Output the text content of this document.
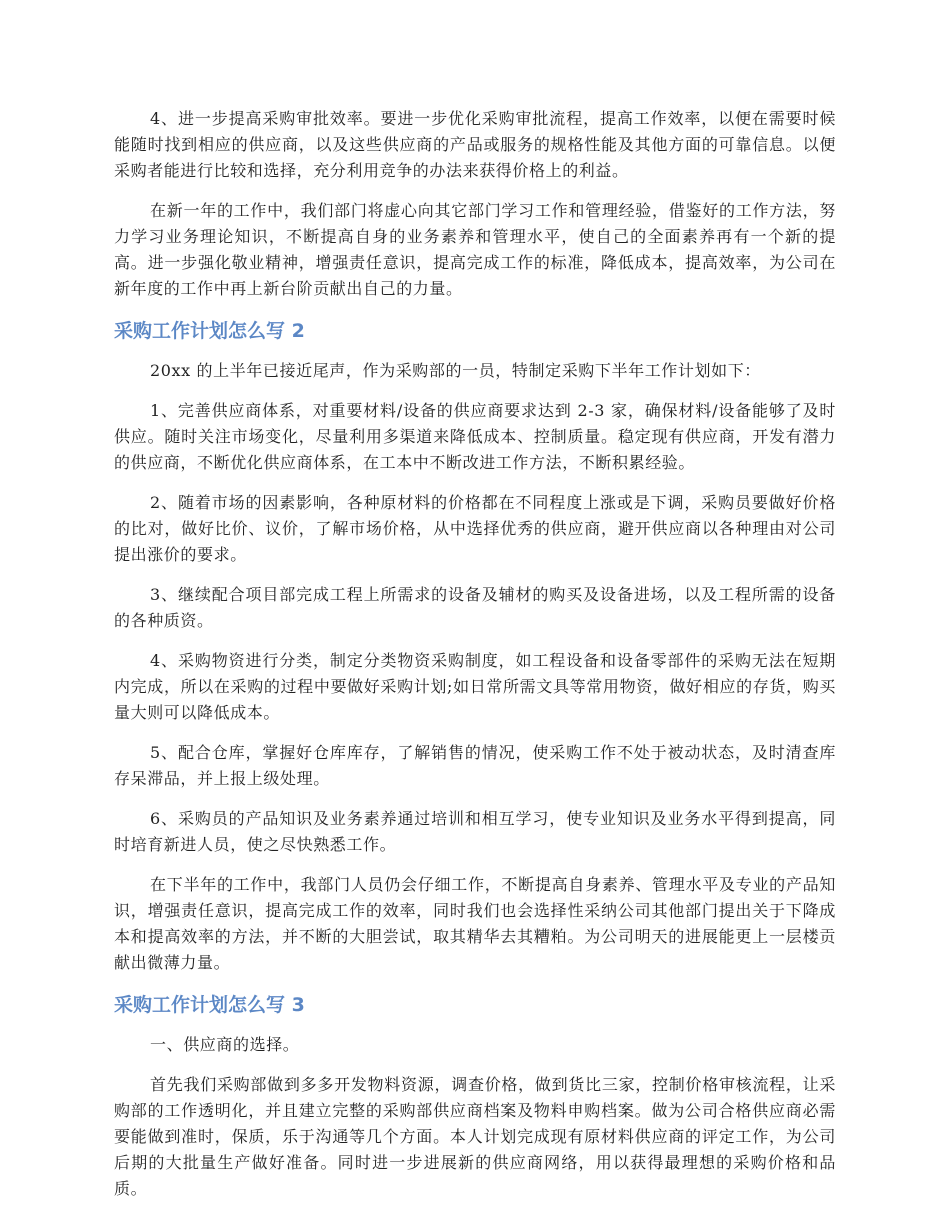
4、进一步提高采购审批效率。要进一步优化采购审批流程，提高工作效率，以便在需要时候能随时找到相应的供应商，以及这些供应商的产品或服务的规格性能及其他方面的可靠信息。以便采购者能进行比较和选择，充分利用竞争的办法来获得价格上的利益。

在新一年的工作中，我们部门将虚心向其它部门学习工作和管理经验，借鉴好的工作方法，努力学习业务理论知识，不断提高自身的业务素养和管理水平，使自己的全面素养再有一个新的提高。进一步强化敬业精神，增强责任意识，提高完成工作的标准，降低成本，提高效率，为公司在新年度的工作中再上新台阶贡献出自己的力量。

采购工作计划怎么写 2

20xx 的上半年已接近尾声，作为采购部的一员，特制定采购下半年工作计划如下：

1、完善供应商体系，对重要材料/设备的供应商要求达到 2-3 家，确保材料/设备能够了及时供应。随时关注市场变化，尽量利用多渠道来降低成本、控制质量。稳定现有供应商，开发有潜力的供应商，不断优化供应商体系，在工本中不断改进工作方法，不断积累经验。

2、随着市场的因素影响，各种原材料的价格都在不同程度上涨或是下调，采购员要做好价格的比对，做好比价、议价，了解市场价格，从中选择优秀的供应商，避开供应商以各种理由对公司提出涨价的要求。

3、继续配合项目部完成工程上所需求的设备及辅材的购买及设备进场，以及工程所需的设备的各种质资。

4、采购物资进行分类，制定分类物资采购制度，如工程设备和设备零部件的采购无法在短期内完成，所以在采购的过程中要做好采购计划;如日常所需文具等常用物资，做好相应的存货，购买量大则可以降低成本。

5、配合仓库，掌握好仓库库存，了解销售的情况，使采购工作不处于被动状态，及时清查库存呆滞品，并上报上级处理。

6、采购员的产品知识及业务素养通过培训和相互学习，使专业知识及业务水平得到提高，同时培育新进人员，使之尽快熟悉工作。

在下半年的工作中，我部门人员仍会仔细工作，不断提高自身素养、管理水平及专业的产品知识，增强责任意识，提高完成工作的效率，同时我们也会选择性采纳公司其他部门提出关于下降成本和提高效率的方法，并不断的大胆尝试，取其精华去其糟粕。为公司明天的进展能更上一层楼贡献出微薄力量。

采购工作计划怎么写 3

一、供应商的选择。

首先我们采购部做到多多开发物料资源，调查价格，做到货比三家，控制价格审核流程，让采购部的工作透明化，并且建立完整的采购部供应商档案及物料申购档案。做为公司合格供应商必需要能做到准时，保质，乐于沟通等几个方面。本人计划完成现有原材料供应商的评定工作，为公司后期的大批量生产做好准备。同时进一步进展新的供应商网络，用以获得最理想的采购价格和品质。
